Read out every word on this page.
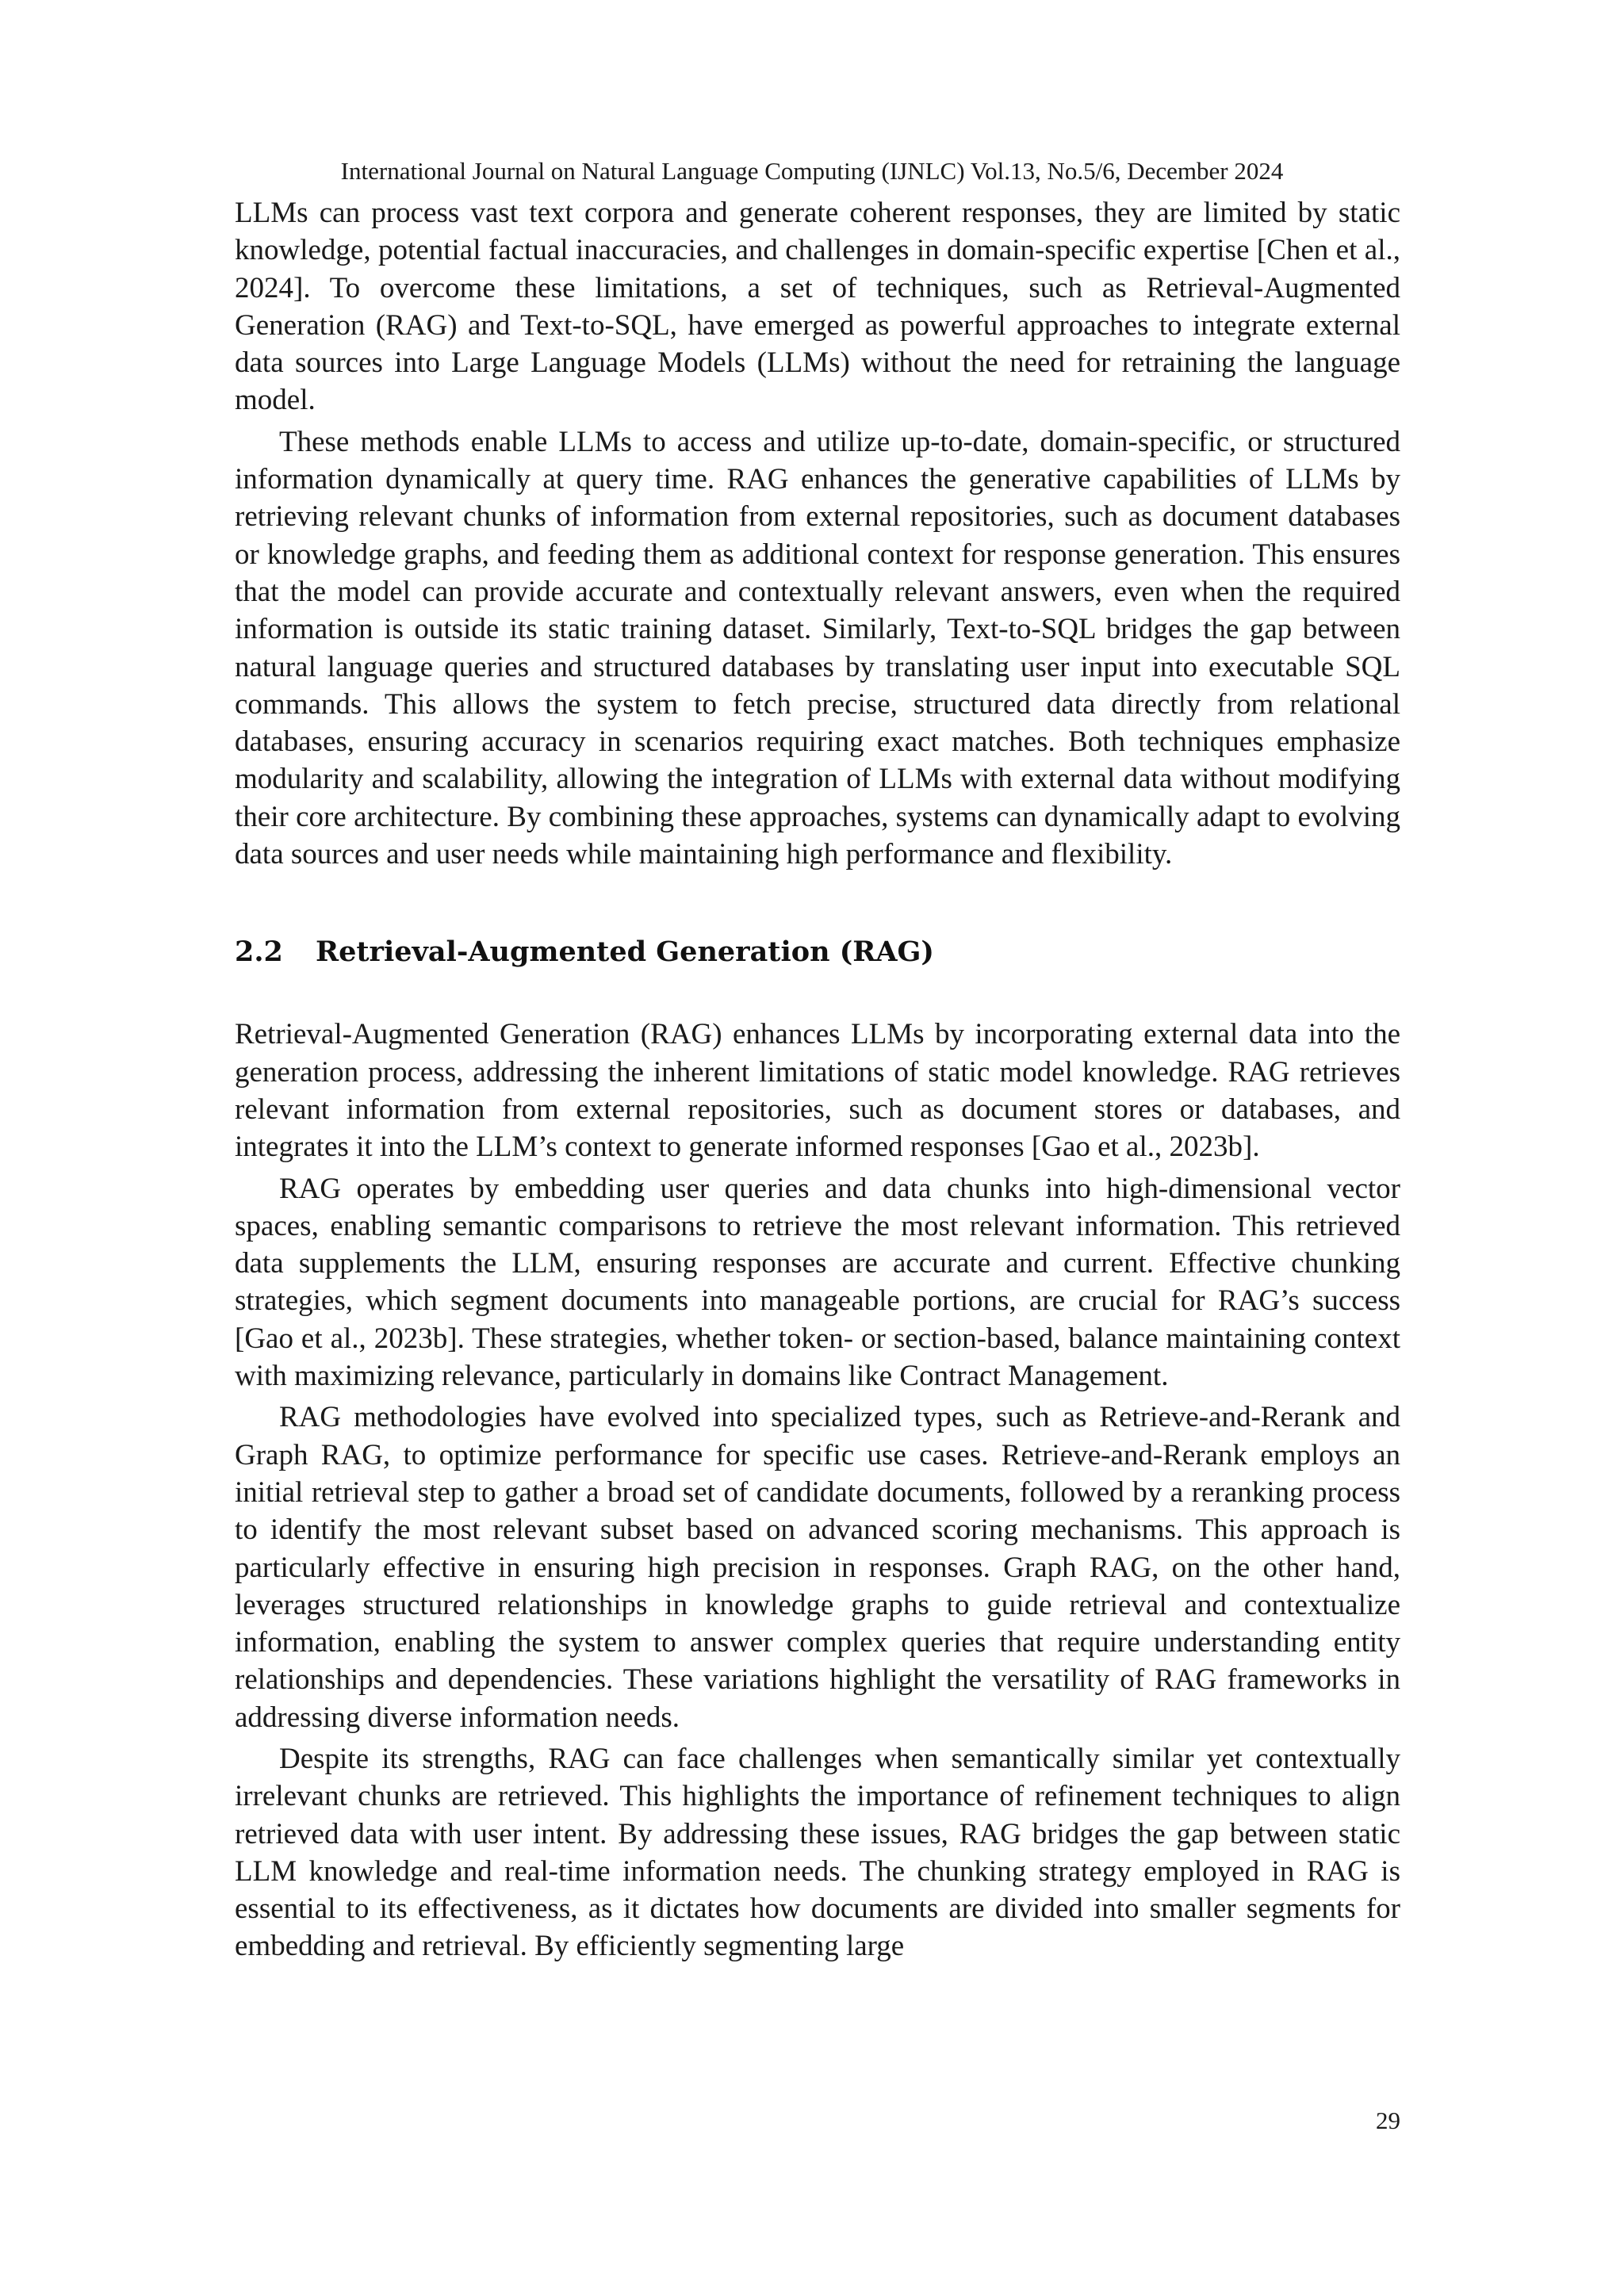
International Journal on Natural Language Computing (IJNLC) Vol.13, No.5/6, December 2024

LLMs can process vast text corpora and generate coherent responses, they are limited by static knowledge, potential factual inaccuracies, and challenges in domain-specific expertise [Chen et al., 2024]. To overcome these limitations, a set of techniques, such as Retrieval-Augmented Generation (RAG) and Text-to-SQL, have emerged as powerful approaches to integrate external data sources into Large Language Models (LLMs) without the need for retraining the language model.

These methods enable LLMs to access and utilize up-to-date, domain-specific, or structured information dynamically at query time. RAG enhances the generative capabilities of LLMs by retrieving relevant chunks of information from external repositories, such as document databases or knowledge graphs, and feeding them as additional context for response generation. This ensures that the model can provide accurate and contextually relevant answers, even when the required information is outside its static training dataset. Similarly, Text-to-SQL bridges the gap between natural language queries and structured databases by translating user input into executable SQL commands. This allows the system to fetch precise, structured data directly from relational databases, ensuring accuracy in scenarios requiring exact matches. Both techniques emphasize modularity and scalability, allowing the integration of LLMs with external data without modifying their core architecture. By combining these approaches, systems can dynamically adapt to evolving data sources and user needs while maintaining high performance and flexibility.

2.2	Retrieval-Augmented Generation (RAG)

Retrieval-Augmented Generation (RAG) enhances LLMs by incorporating external data into the generation process, addressing the inherent limitations of static model knowledge. RAG retrieves relevant information from external repositories, such as document stores or databases, and integrates it into the LLM’s context to generate informed responses [Gao et al., 2023b].

RAG operates by embedding user queries and data chunks into high-dimensional vector spaces, enabling semantic comparisons to retrieve the most relevant information. This retrieved data supplements the LLM, ensuring responses are accurate and current. Effective chunking strategies, which segment documents into manageable portions, are crucial for RAG’s success [Gao et al., 2023b]. These strategies, whether token- or section-based, balance maintaining context with maximizing relevance, particularly in domains like Contract Management.

RAG methodologies have evolved into specialized types, such as Retrieve-and-Rerank and Graph RAG, to optimize performance for specific use cases. Retrieve-and-Rerank employs an initial retrieval step to gather a broad set of candidate documents, followed by a reranking process to identify the most relevant subset based on advanced scoring mechanisms. This approach is particularly effective in ensuring high precision in responses. Graph RAG, on the other hand, leverages structured relationships in knowledge graphs to guide retrieval and contextualize information, enabling the system to answer complex queries that require understanding entity relationships and dependencies. These variations highlight the versatility of RAG frameworks in addressing diverse information needs.

Despite its strengths, RAG can face challenges when semantically similar yet contextually irrelevant chunks are retrieved. This highlights the importance of refinement techniques to align retrieved data with user intent. By addressing these issues, RAG bridges the gap between static LLM knowledge and real-time information needs. The chunking strategy employed in RAG is essential to its effectiveness, as it dictates how documents are divided into smaller segments for embedding and retrieval. By efficiently segmenting large

29
